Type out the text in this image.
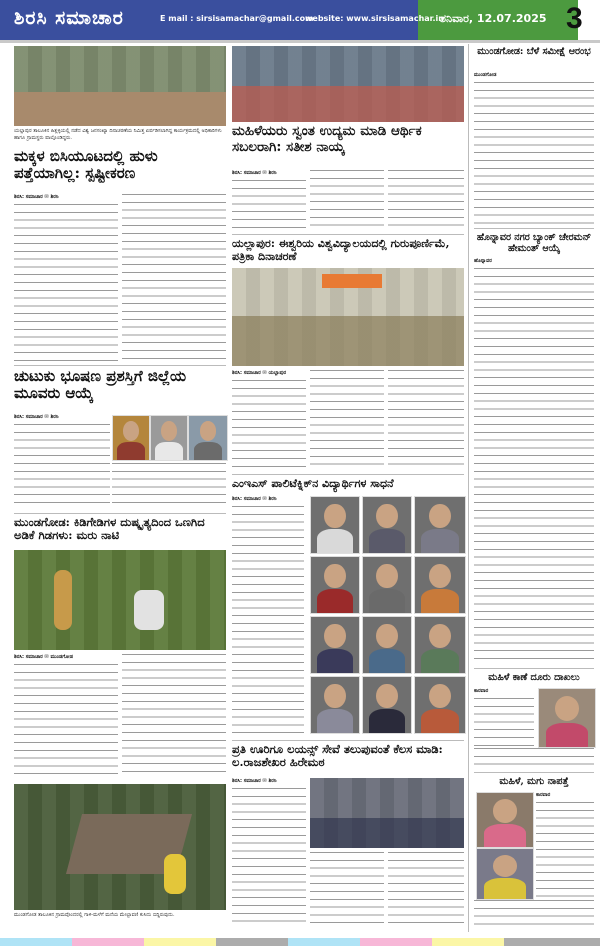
ಶಿರಸಿ ಸಮಾಚಾರ	E mail : sirsisamachar@gmail.com
website: www.sirsisamachar.in
ಶನಿವಾರ, 12.07.2025 3
ಯಲ್ಲಾಪುರ ತಾಲೂಕಿನ ಹಿತ್ಲಳ್ಳಿಯಲ್ಲಿ ನಡೆದ ವಿಶ್ವ ಜನಸಂಖ್ಯಾ ದಿನಾಚರಣೆಯ ನಿಮಿತ್ತ ಏರ್ಪಡಿಸಲಾಗಿದ್ದ ಕಾರ್ಯಕ್ರಮದಲ್ಲಿ ಅಧಿಕಾರಿಗಳು ಹಾಗೂ ಗ್ರಾಮಸ್ಥರು ಪಾಲ್ಗೊಂಡಿದ್ದರು.
ಮಕ್ಕಳ ಬಿಸಿಯೂಟದಲ್ಲಿ ಹುಳು ಪತ್ತೆಯಾಗಿಲ್ಲ: ಸ್ಪಷ್ಟೀಕರಣ
ಶಿರಸಿ: ಸಮಾಚಾರ ✉ ಶಿರಸಿ
ಚುಟುಕು ಭೂಷಣ ಪ್ರಶಸ್ತಿಗೆ ಜಿಲ್ಲೆಯ ಮೂವರು ಆಯ್ಕೆ
ಶಿರಸಿ: ಸಮಾಚಾರ ✉ ಶಿರಸಿ
ಮುಂಡಗೋಡ: ಕಿಡಿಗೇಡಿಗಳ ದುಷ್ಕೃತ್ಯದಿಂದ ಒಣಗಿದ ಅಡಿಕೆ ಗಿಡಗಳು: ಮರು ನಾಟಿ
ಶಿರಸಿ: ಸಮಾಚಾರ ✉ ಮುಂಡಗೋಡ
ಮುಂಡಗೋಡ ತಾಲೂಕಿನ ಗ್ರಾಮವೊಂದರಲ್ಲಿ ಗಾಳಿ-ಮಳೆಗೆ ಮನೆಯ ಮೇಲ್ಛಾವಣಿ ಕುಸಿದು ಬಿದ್ದಿರುವುದು.
ಮಹಿಳೆಯರು ಸ್ವಂತ ಉದ್ಯಮ ಮಾಡಿ ಆರ್ಥಿಕ ಸಬಲರಾಗಿ: ಸತೀಶ ನಾಯ್ಕ
ಶಿರಸಿ: ಸಮಾಚಾರ ✉ ಶಿರಸಿ
ಯಲ್ಲಾಪುರ: ಈಶ್ವರಿಯ ವಿಶ್ವವಿದ್ಯಾಲಯದಲ್ಲಿ ಗುರುಪೂರ್ಣಿಮೆ, ಪತ್ರಿಕಾ ದಿನಾಚರಣೆ
ಶಿರಸಿ: ಸಮಾಚಾರ ✉ ಯಲ್ಲಾಪುರ
ಎಂಇಎಸ್ ಪಾಲಿಟೆಕ್ನಿಕ್‌ನ ವಿದ್ಯಾರ್ಥಿಗಳ ಸಾಧನೆ
ಶಿರಸಿ: ಸಮಾಚಾರ ✉ ಶಿರಸಿ
ಪ್ರತಿ ಊರಿಗೂ ಲಯನ್ಸ್ ಸೇವೆ ತಲುಪುವಂತೆ ಕೆಲಸ ಮಾಡಿ: ಲ.ರಾಜಶೇಖರ ಹಿರೇಮಠ
ಶಿರಸಿ: ಸಮಾಚಾರ ✉ ಶಿರಸಿ
ಮುಂಡಗೋಡ: ಬೆಳೆ ಸಮೀಕ್ಷೆ ಆರಂಭ
ಮುಂಡಗೋಡ
ಹೊನ್ನಾವರ ನಗರ ಬ್ಯಾಂಕ್ ಚೇರಮನ್ ಹೇಮಂತ್ ಆಯ್ಕೆ
ಹೊನ್ನಾವರ
ಮಹಿಳೆ ಕಾಣೆ ದೂರು ದಾಖಲು
ಕಾರವಾರ
ಮಹಿಳೆ, ಮಗು ನಾಪತ್ತೆ
ಕಾರವಾರ
